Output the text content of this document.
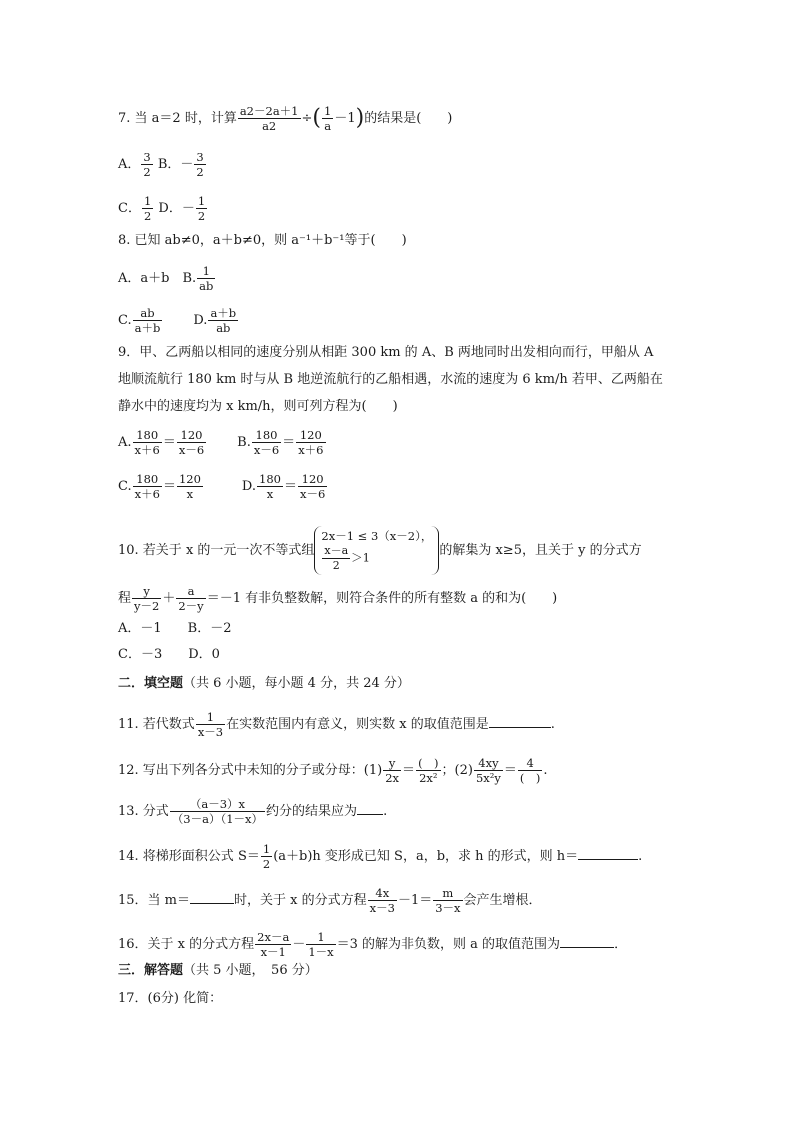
7. 当 a＝2 时，计算 $\frac{a2-2a+1}{a2}$ ÷( $\frac{1}{a} -1$)的结果是(　　)
A． $\frac{3}{2}$ B．－ $\frac{3}{2}$
C． $\frac{1}{2}$ D．－ $\frac{1}{2}$
8. 已知 ab≠0，a＋b≠0，则 a⁻¹＋b⁻¹等于(　　)
A．a＋b　B. $\frac{1}{ab}$
C. $\frac{ab}{a+b} D$. $\frac{a+b}{ab}$
9．甲、乙两船以相同的速度分别从相距 300 km 的 A、B 两地同时出发相向而行，甲船从 A
地顺流航行 180 km 时与从 B 地逆流航行的乙船相遇，水流的速度为 6 km/h 若甲、乙两船在
静水中的速度均为 x km/h，则可列方程为(　　)
A. $\frac{180}{x+6} = \frac{120}{x-6} B$. $\frac{180}{x-6} = \frac{120}{x+6}$
C. $\frac{180}{x+6} = \frac{120}{x}$	D. $\frac{180}{x} = \frac{120}{x-6}$
10. 若关于 x 的一元一次不等式组
2x－1 ≤ 3（x－2），
$\frac{x-a}{2} >1$	的解集为 x≥5，且关于 y 的分式方
程 $\frac{y}{y-2} + \frac{a}{2-y} =-1$ 有非负整数解，则符合条件的所有整数 a 的和为(　　)
A．－1　　B．－2
C．－3　　D．0
二．填空题（共 6 小题，每小题 4 分，共 24 分）
11. 若代数式 $\frac{1}{x-3}$ 在实数范围内有意义，则实数 x 的取值范围是	.
12. 写出下列各分式中未知的分子或分母：$(1) \frac{y}{2x} = \frac{( )}{\text{2x²}}$ ；$(2) \frac{4xy}{\text{5x²y}} = \frac{4}{( )}$ .
13. 分式 $\frac{(a-3)x}{(3-a)(1-x)}$ 约分的结果应为 .
14. 将梯形面积公式 $S= \frac{1}{2} (a+b)h$ 变形成已知 S，a，b，求 h 的形式，则 h＝	.
15．当 m＝	时，关于 x 的分式方程 $\frac{4x}{x-3} -1= \frac{m}{3-x}$ 会产生增根．
16．关于 x 的分式方程 $\frac{2x-a}{x-1} - \frac{1}{1-x} =3$ 的解为非负数，则 a 的取值范围为	．
三．解答题（共 5 小题，　56 分）
17．(6分) 化简：
